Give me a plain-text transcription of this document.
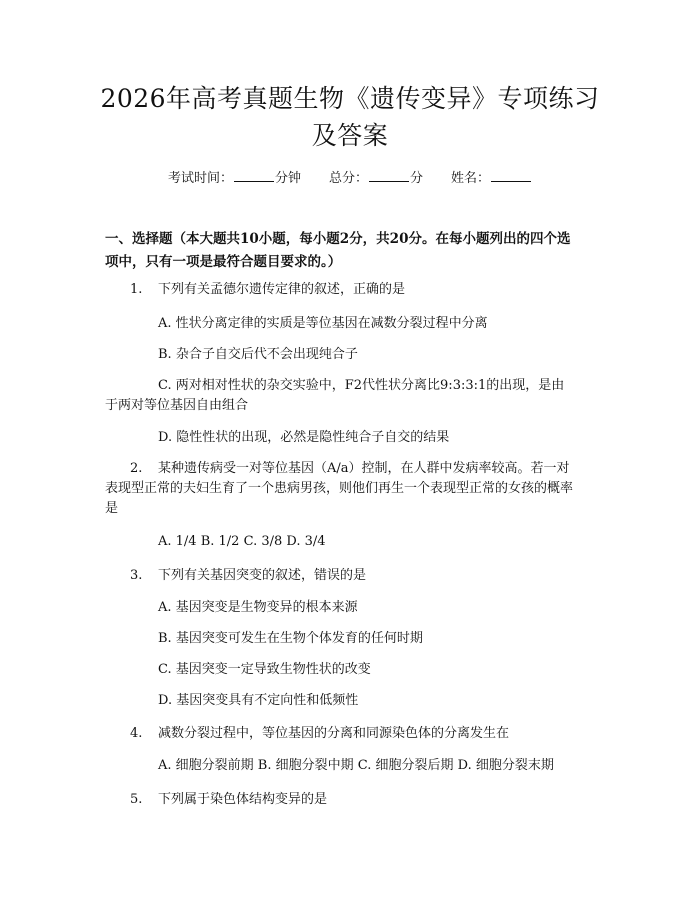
2026年高考真题生物《遗传变异》专项练习
及答案
考试时间：	分钟 总分：	分 姓名：
一、选择题（本大题共10小题，每小题2分，共20分。在每小题列出的四个选
项中，只有一项是最符合题目要求的。）
1. 下列有关孟德尔遗传定律的叙述，正确的是
A. 性状分离定律的实质是等位基因在减数分裂过程中分离
B. 杂合子自交后代不会出现纯合子
C. 两对相对性状的杂交实验中，F2代性状分离比9:3:3:1的出现，是由
于两对等位基因自由组合
D. 隐性性状的出现，必然是隐性纯合子自交的结果
2. 某种遗传病受一对等位基因（A/a）控制，在人群中发病率较高。若一对
表现型正常的夫妇生育了一个患病男孩，则他们再生一个表现型正常的女孩的概率
是
A. 1/4 B. 1/2 C. 3/8 D. 3/4
3. 下列有关基因突变的叙述，错误的是
A. 基因突变是生物变异的根本来源
B. 基因突变可发生在生物个体发育的任何时期
C. 基因突变一定导致生物性状的改变
D. 基因突变具有不定向性和低频性
4. 减数分裂过程中，等位基因的分离和同源染色体的分离发生在
A. 细胞分裂前期 B. 细胞分裂中期 C. 细胞分裂后期 D. 细胞分裂末期
5. 下列属于染色体结构变异的是
